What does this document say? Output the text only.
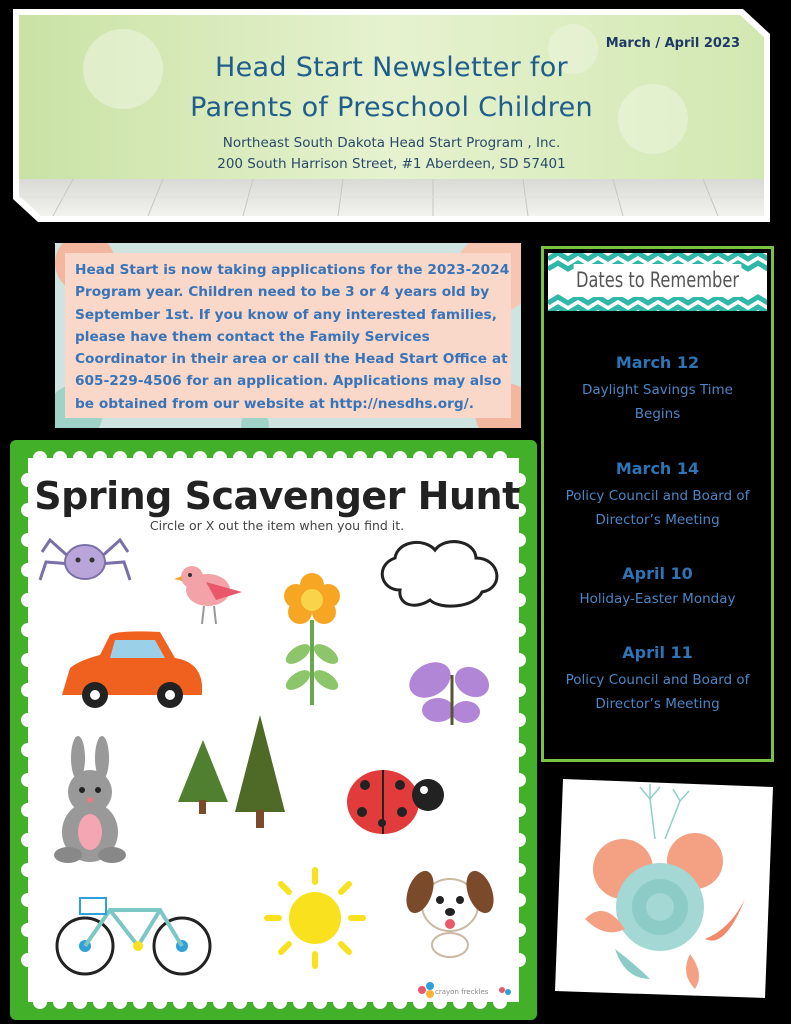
March / April 2023
Head Start Newsletter for
Parents of Preschool Children
Northeast South Dakota Head Start Program , Inc.
200 South Harrison Street, #1 Aberdeen, SD 57401
Head Start is now taking applications for the 2023-2024 Program year. Children need to be 3 or 4 years old by September 1st. If you know of any interested families, please have them contact the Family Services Coordinator in their area or call the Head Start Office at 605-229-4506 for an application. Applications may also be obtained from our website at http://nesdhs.org/.
Dates to Remember
March 12
Daylight Savings Time
Begins
March 14
Policy Council and Board of
Director’s Meeting
April 10
Holiday-Easter Monday
April 11
Policy Council and Board of
Director’s Meeting
Spring Scavenger Hunt
Circle or X out the item when you find it.
crayon freckles
